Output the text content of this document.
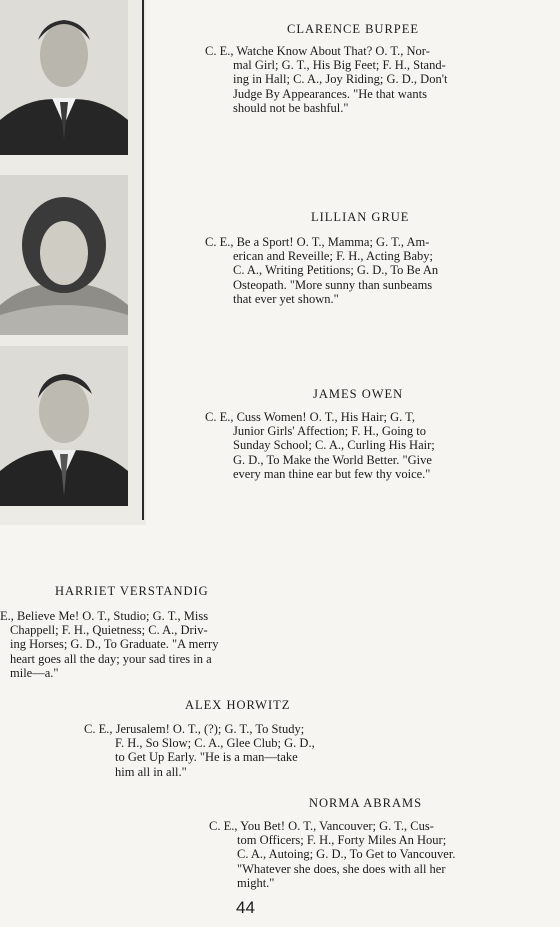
CLARENCE BURPEE
C. E., Watche Know About That? O. T., Nor-
mal Girl; G. T., His Big Feet; F. H., Stand-
ing in Hall; C. A., Joy Riding; G. D., Don't
Judge By Appearances. "He that wants
should not be bashful."
LILLIAN GRUE
C. E., Be a Sport! O. T., Mamma; G. T., Am-
erican and Reveille; F. H., Acting Baby;
C. A., Writing Petitions; G. D., To Be An
Osteopath. "More sunny than sunbeams
that ever yet shown."
JAMES OWEN
C. E., Cuss Women! O. T., His Hair; G. T,
Junior Girls' Affection; F. H., Going to
Sunday School; C. A., Curling His Hair;
G. D., To Make the World Better. "Give
every man thine ear but few thy voice."
HARRIET VERSTANDIG
E., Believe Me! O. T., Studio; G. T., Miss
Chappell; F. H., Quietness; C. A., Driv-
ing Horses; G. D., To Graduate. "A merry
heart goes all the day; your sad tires in a
mile—a."
ALEX HORWITZ
C. E., Jerusalem! O. T., (?); G. T., To Study;
F. H., So Slow; C. A., Glee Club; G. D.,
to Get Up Early. "He is a man—take
him all in all."
NORMA ABRAMS
C. E., You Bet! O. T., Vancouver; G. T., Cus-
tom Officers; F. H., Forty Miles An Hour;
C. A., Autoing; G. D., To Get to Vancouver.
"Whatever she does, she does with all her
might."
44
